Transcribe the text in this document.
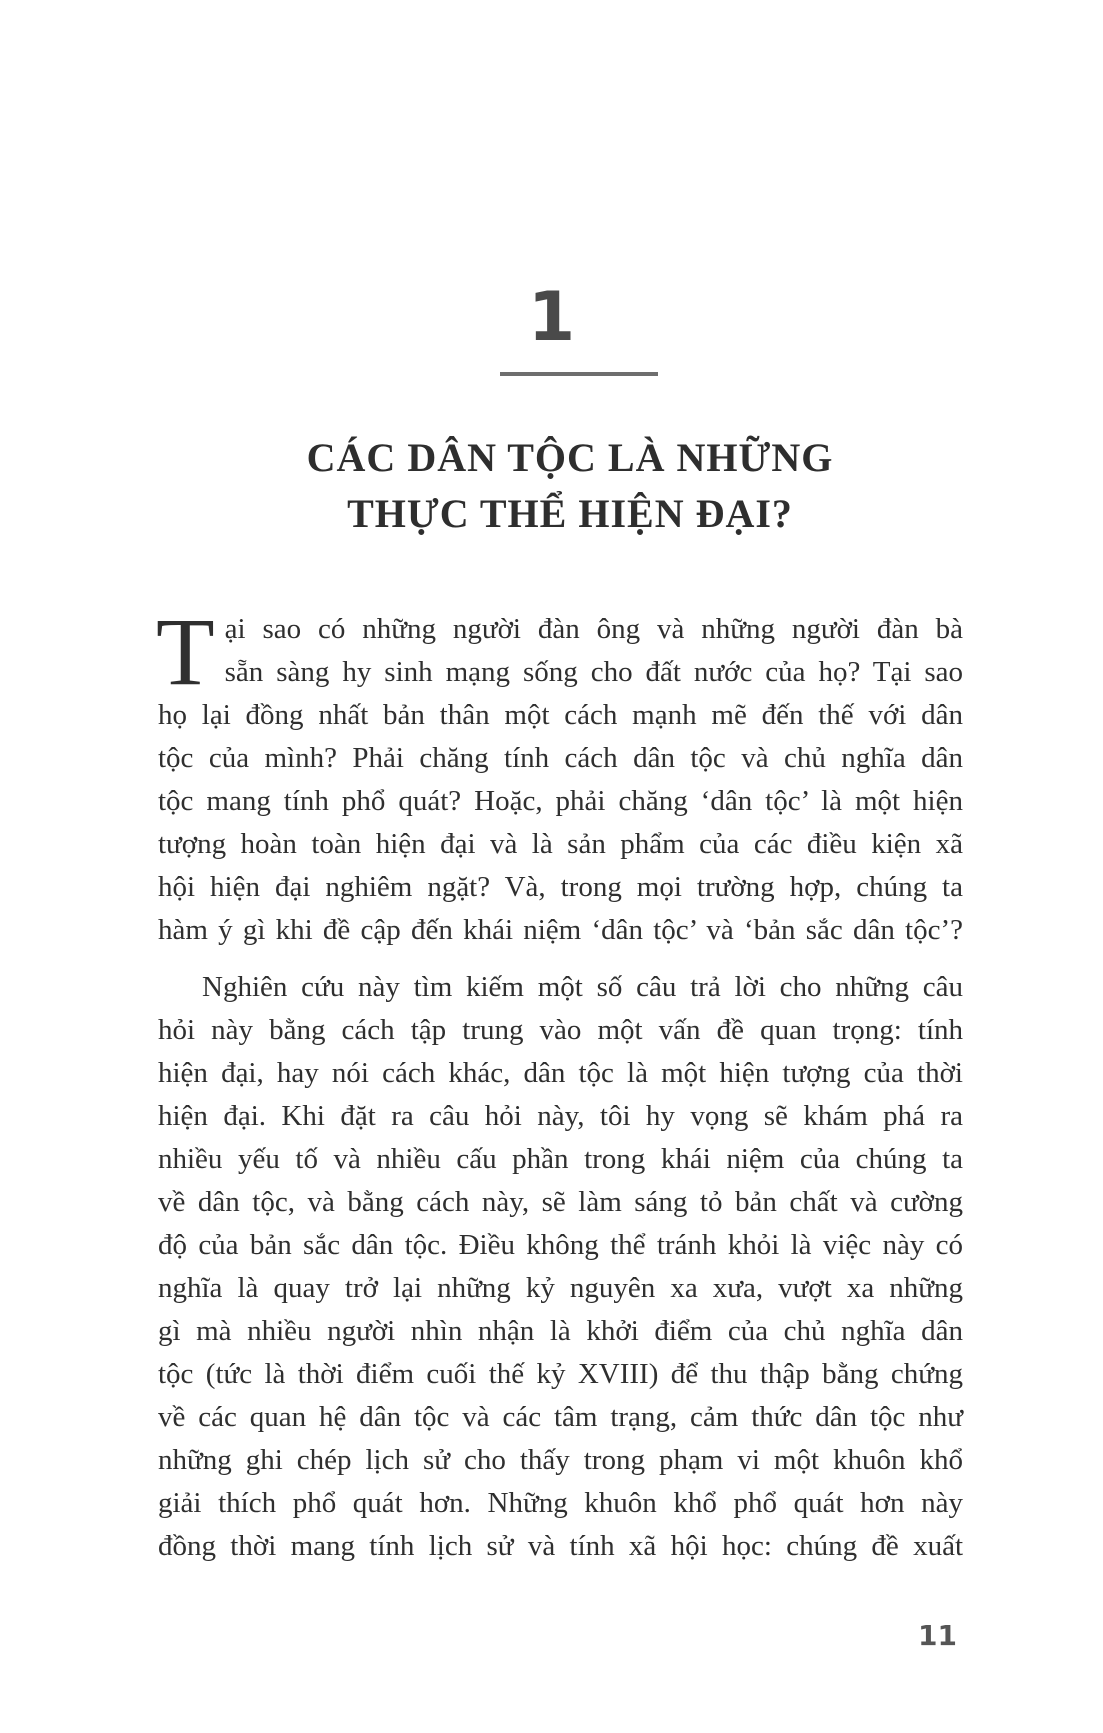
1
CÁC DÂN TỘC LÀ NHỮNG
THỰC THỂ HIỆN ĐẠI?

T ại sao có những người đàn ông và những người đàn bà
sẵn sàng hy sinh mạng sống cho đất nước của họ? Tại sao
họ lại đồng nhất bản thân một cách mạnh mẽ đến thế với dân
tộc của mình? Phải chăng tính cách dân tộc và chủ nghĩa dân
tộc mang tính phổ quát? Hoặc, phải chăng ‘dân tộc’ là một hiện
tượng hoàn toàn hiện đại và là sản phẩm của các điều kiện xã
hội hiện đại nghiêm ngặt? Và, trong mọi trường hợp, chúng ta
hàm ý gì khi đề cập đến khái niệm ‘dân tộc’ và ‘bản sắc dân tộc’?

Nghiên cứu này tìm kiếm một số câu trả lời cho những câu
hỏi này bằng cách tập trung vào một vấn đề quan trọng: tính
hiện đại, hay nói cách khác, dân tộc là một hiện tượng của thời
hiện đại. Khi đặt ra câu hỏi này, tôi hy vọng sẽ khám phá ra
nhiều yếu tố và nhiều cấu phần trong khái niệm của chúng ta
về dân tộc, và bằng cách này, sẽ làm sáng tỏ bản chất và cường
độ của bản sắc dân tộc. Điều không thể tránh khỏi là việc này có
nghĩa là quay trở lại những kỷ nguyên xa xưa, vượt xa những
gì mà nhiều người nhìn nhận là khởi điểm của chủ nghĩa dân
tộc (tức là thời điểm cuối thế kỷ XVIII) để thu thập bằng chứng
về các quan hệ dân tộc và các tâm trạng, cảm thức dân tộc như
những ghi chép lịch sử cho thấy trong phạm vi một khuôn khổ
giải thích phổ quát hơn. Những khuôn khổ phổ quát hơn này
đồng thời mang tính lịch sử và tính xã hội học: chúng đề xuất

11
